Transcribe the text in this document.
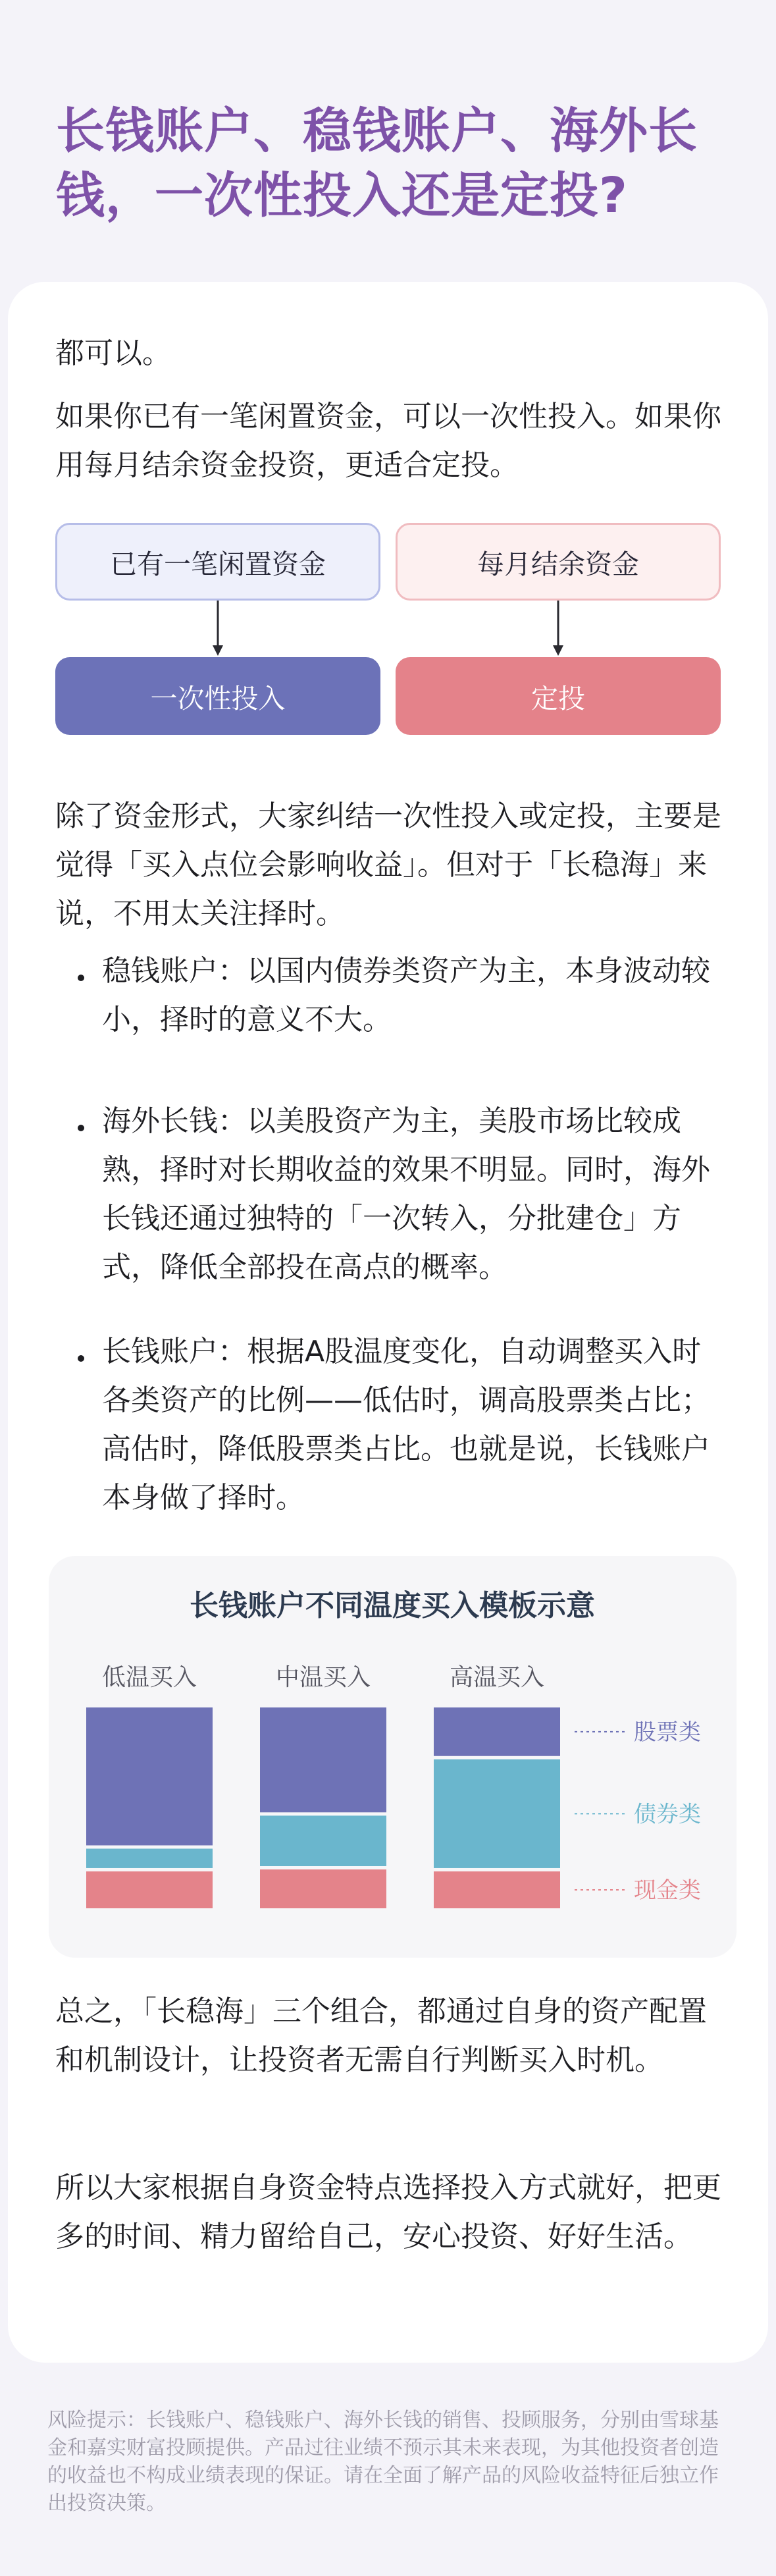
长钱账户、稳钱账户、海外长钱，一次性投入还是定投?
都可以。
如果你已有一笔闲置资金，可以一次性投入。如果你用每月结余资金投资，更适合定投。
已有一笔闲置资金	每月结余资金
一次性投入	定投
除了资金形式，大家纠结一次性投入或定投，主要是觉得「买入点位会影响收益」。但对于「长稳海」来说，不用太关注择时。
稳钱账户：以国内债券类资产为主，本身波动较小，择时的意义不大。
海外长钱：以美股资产为主，美股市场比较成熟，择时对长期收益的效果不明显。同时，海外长钱还通过独特的「一次转入，分批建仓」方式，降低全部投在高点的概率。
长钱账户：根据A股温度变化，自动调整买入时各类资产的比例——低估时，调高股票类占比；高估时，降低股票类占比。也就是说，长钱账户本身做了择时。
长钱账户不同温度买入模板示意
低温买入	中温买入	高温买入
股票类
债券类
现金类
总之，「长稳海」三个组合，都通过自身的资产配置和机制设计，让投资者无需自行判断买入时机。
所以大家根据自身资金特点选择投入方式就好，把更多的时间、精力留给自己，安心投资、好好生活。
风险提示：长钱账户、稳钱账户、海外长钱的销售、投顾服务，分别由雪球基金和嘉实财富投顾提供。产品过往业绩不预示其未来表现，为其他投资者创造的收益也不构成业绩表现的保证。请在全面了解产品的风险收益特征后独立作出投资决策。
